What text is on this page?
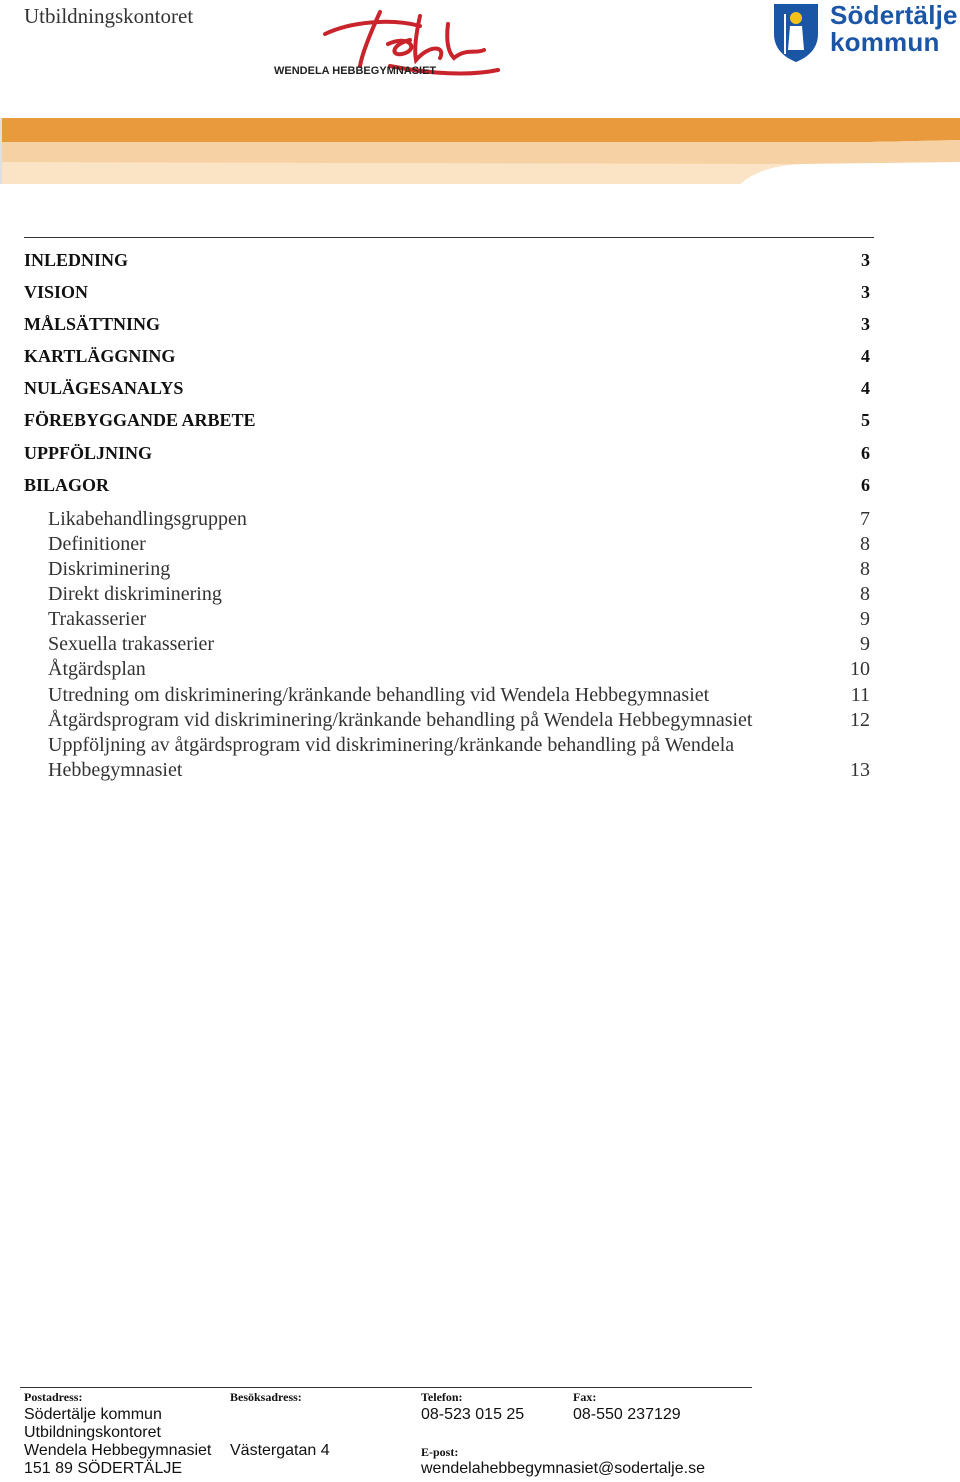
Utbildningskontoret
WENDELA HEBBEGYMNASIET
Södertälje
kommun
INLEDNING	3
VISION	3
MÅLSÄTTNING	3
KARTLÄGGNING	4
NULÄGESANALYS	4
FÖREBYGGANDE ARBETE	5
UPPFÖLJNING	6
BILAGOR	6
Likabehandlingsgruppen	7
Definitioner	8
Diskriminering	8
Direkt diskriminering	8
Trakasserier	9
Sexuella trakasserier	9
Åtgärdsplan	10
Utredning om diskriminering/kränkande behandling vid Wendela Hebbegymnasiet	11
Åtgärdsprogram vid diskriminering/kränkande behandling på Wendela Hebbegymnasiet	12
Uppföljning av åtgärdsprogram vid diskriminering/kränkande behandling på Wendela
Hebbegymnasiet	13
Postadress:
Södertälje kommun
Utbildningskontoret
Wendela Hebbegymnasiet
151 89 SÖDERTÄLJE
Besöksadress:
Västergatan 4
Telefon:
08-523 015 25
Fax:
08-550 237129
E-post:
wendelahebbegymnasiet@sodertalje.se
